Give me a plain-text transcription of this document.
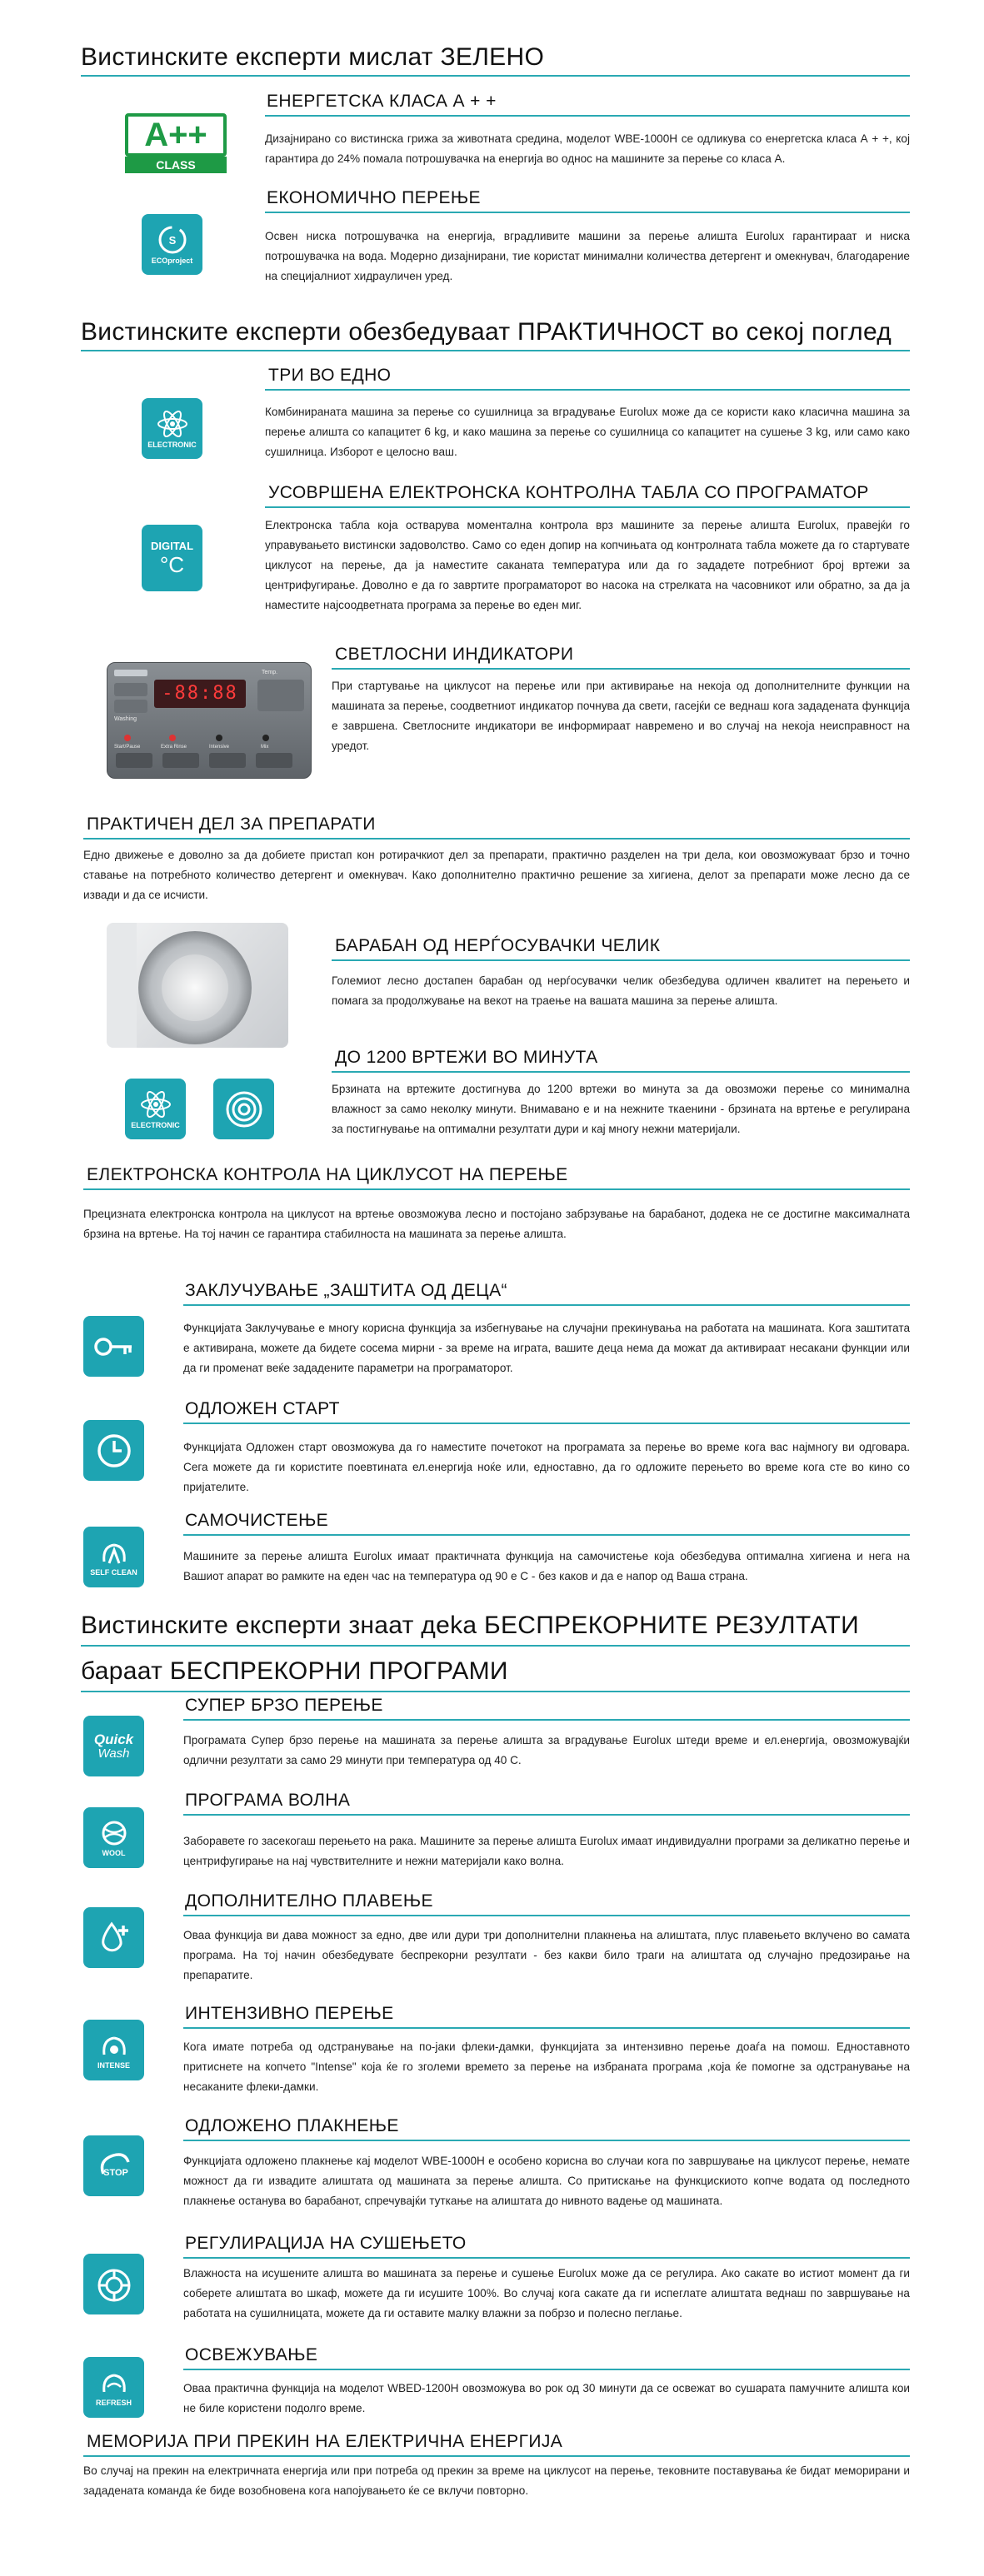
Вистинските експерти мислат ЗЕЛЕНО
A++
CLASS
ЕНЕРГЕТСКА КЛАСА А + +
Дизајнирано со вистинска грижа за животната средина, моделот WBE-1000H се одликува со енергетска класа А + +, кој гарантира до 24% помала потрошувачка на енергија во однос на машините за перење со класа А.
S
ECOproject
ЕКОНОМИЧНО ПЕРЕЊЕ
Освен ниска потрошувачка на енергија, вградливите машини за перење алишта Eurolux гарантираат и ниска потрошувачка на вода. Модерно дизајнирани, тие користат минимални количества детергент и омекнувач, благодарение на специјалниот хидрауличен уред.
Вистинските експерти обезбедуваат ПРАКТИЧНОСТ во секој поглед
ELECTRONIC
ТРИ ВО ЕДНО
Комбинираната машина за перење со сушилница за вградување Eurolux може да се користи како класична машина за перење алишта со капацитет 6 kg, и како машина за перење со сушилница со капацитет на сушење 3 kg, или само како сушилница. Изборот е целосно ваш.
DIGITAL
°C
УСОВРШЕНА ЕЛЕКТРОНСКА КОНТРОЛНА ТАБЛА СО ПРОГРАМАТОР
Електронска табла која остварува моментална контрола врз машините за перење алишта Eurolux, правејќи го управувањето вистински задоволство. Само со еден допир на копчињата од контролната табла можете да го стартувате циклусот на перење, да ја наместите саканата температура или да го зададете потребниот број вртежи за центрифугирање. Доволно е да го завртите програматорот во насока на стрелката на часовникот или обратно, за да ја наместите најсоодветната програма за перење во еден миг.
Washing
-88:88
Temp.
Start/Pause	Extra Rinse	Intensive	Mix
СВЕТЛОСНИ ИНДИКАТОРИ
При стартување на циклусот на перење или при активирање на некоја од дополнителните функции на машината за перење, соодветниот индикатор почнува да свети, гасејќи се веднаш кога зададената функција е завршена. Светлосните индикатори ве информираат навремено и во случај на некоја неисправност на уредот.
ПРАКТИЧЕН ДЕЛ ЗА ПРЕПАРАТИ
Едно движење е доволно за да добиете пристап кон ротирачкиот дел за препарати, практично разделен на три дела, кои овозможуваат брзо и точно ставање на потребното количество детергент и омекнувач. Како дополнително практично решение за хигиена, делот за препарати може лесно да се извади и да се исчисти.
БАРАБАН ОД НЕРЃОСУВАЧКИ ЧЕЛИК
Големиот лесно достапен барабан од нерѓосувачки челик обезбедува одличен квалитет на перењето и помага за продолжување на векот на траење на вашата машина за перење алишта.
ELECTRONIC
ДО 1200 ВРТЕЖИ ВО МИНУТА
Брзината на вртежите достигнува до 1200 вртежи во минута за да овозможи перење со минимална влажност за само неколку минути. Внимавано е и на нежните ткаенини - брзината на вртење е регулирана за постигнување на оптимални резултати дури и кај многу нежни материјали.
ЕЛЕКТРОНСКА КОНТРОЛА НА ЦИКЛУСОТ НА ПЕРЕЊЕ
Прецизната електронска контрола на циклусот на вртење овозможува лесно и постојано забрзување на барабанот, додека не се достигне максималната брзина на вртење. На тој начин се гарантира стабилноста на машината за перење алишта.
ЗАКЛУЧУВАЊЕ „ЗАШТИТА ОД ДЕЦА“
Функцијата Заклучување е многу корисна функција за избегнување на случајни прекинувања на работата на машината. Кога заштитата е активирана, можете да бидете сосема мирни - за време на играта, вашите деца нема да можат да активираат несакани функции или да ги променат веќе зададените параметри на програматорот.
ОДЛОЖЕН СТАРТ
Функцијата Одложен старт овозможува да го наместите почетокот на програмата за перење во време кога вас најмногу ви одговара. Сега можете да ги користите поевтината ел.енергија ноќе или, едноставно, да го одложите перењето во време кога сте во кино со пријателите.
SELF CLEAN
САМОЧИСТЕЊЕ
Машините за перење алишта Eurolux имаат практичната функција на самочистење која обезбедува оптимална хигиена и нега на Вашиот апарат во рамките на еден час на температура од 90 е С - без каков и да е напор од Ваша страна.
Вистинските експерти знаат деka БЕСПРЕКОРНИТЕ РЕЗУЛТАТИ
бараат БЕСПРЕКОРНИ ПРОГРАМИ
Quick
Wash
СУПЕР БРЗО ПЕРЕЊЕ
Програмата Супер брзо перење на машината за перење алишта за вградување Eurolux штеди време и ел.енергија, овозможувајќи одлични резултати за само 29 минути при температура од 40 С.
WOOL
ПРОГРАМА ВОЛНА
Заборавете го засекогаш перењето на рака. Машините за перење алишта Eurolux имаат индивидуални програми за деликатно перење и центрифугирање на нај чувствителните и нежни материјали како волна.
ДОПОЛНИТЕЛНО ПЛАВЕЊЕ
Оваа функција ви дава можност за едно, две или дури три дополнителни плакнења на алиштата, плус плавењето вклучено во самата програма. На тој начин обезбедувате беспрекорни резултати - без какви било траги на алиштата од случајно предозирање на препаратите.
INTENSE
ИНТЕНЗИВНО ПЕРЕЊЕ
Кога имате потреба од одстранување на по-јаки флеки-дамки, функцијата за интензивно перење доаѓа на помош. Едноставното притиснете на копчето "Intense" која ќе го зголеми времето за перење на избраната програма ,која ќе помогне за одстранување на несаканите флеки-дамки.
STOP
ОДЛОЖЕНО ПЛАКНЕЊЕ
Функцијата одложено плакнење кај моделот WBE-1000H е особено корисна во случаи кога по завршување на циклусот перење, немате можност да ги извадите алиштата од машината за перење алишта. Со притискање на функцискиото копче водата од последното плакнење останува во барабанот, спречувајќи туткање на алиштата до нивното вадење од машината.
РЕГУЛИРАЦИЈА НА СУШЕЊЕТО
Влажноста на исушените алишта во машината за перење и сушење Eurolux може да се регулира. Ако сакате во истиот момент да ги соберете алиштата во шкаф, можете да ги исушите 100%. Во случај кога сакате да ги испеглате алиштата веднаш по завршување на работата на сушилницата, можете да ги оставите малку влажни за побрзо и полесно пеглање.
REFRESH
ОСВЕЖУВАЊЕ
Оваа практична функција на моделот WBED-1200H овозможува во рок од 30 минути да се освежат во сушарата памучните алишта кои не биле користени подолго време.
МЕМОРИЈА ПРИ ПРЕКИН НА ЕЛЕКТРИЧНА ЕНЕРГИЈА
Во случај на прекин на електричната енергија или при потреба од прекин за време на циклусот на перење, тековните поставувања ќе бидат меморирани и зададената команда ќе биде возобновена кога напојувањето ќе се вклучи повторно.
